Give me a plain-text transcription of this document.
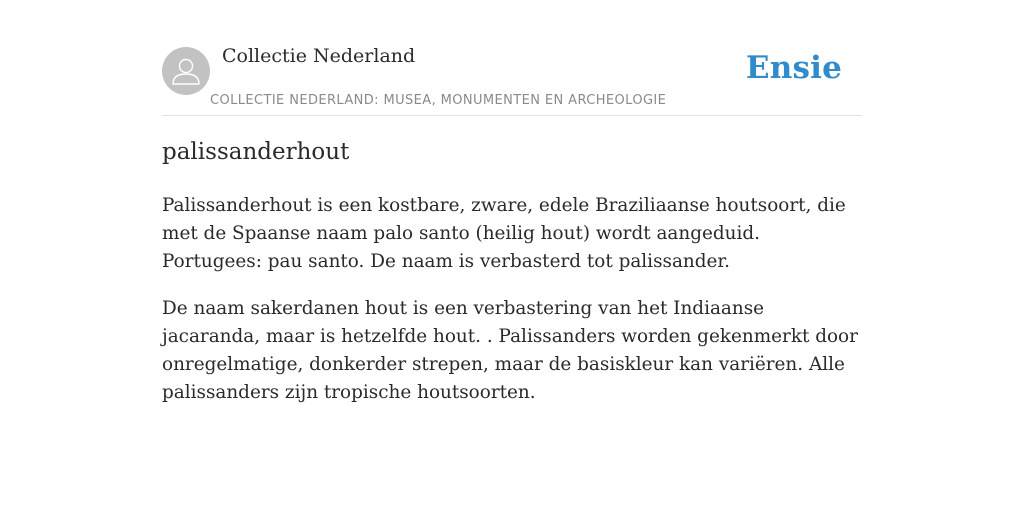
Collectie Nederland
COLLECTIE NEDERLAND: MUSEA, MONUMENTEN EN ARCHEOLOGIE
Ensie
palissanderhout

Palissanderhout is een kostbare, zware, edele Braziliaanse houtsoort, die met de Spaanse naam palo santo (heilig hout) wordt aangeduid. Portugees: pau santo. De naam is verbasterd tot palissander.

De naam sakerdanen hout is een verbastering van het Indiaanse jacaranda, maar is hetzelfde hout. . Palissanders worden gekenmerkt door onregelmatige, donkerder strepen, maar de basiskleur kan variëren. Alle palissanders zijn tropische houtsoorten.
